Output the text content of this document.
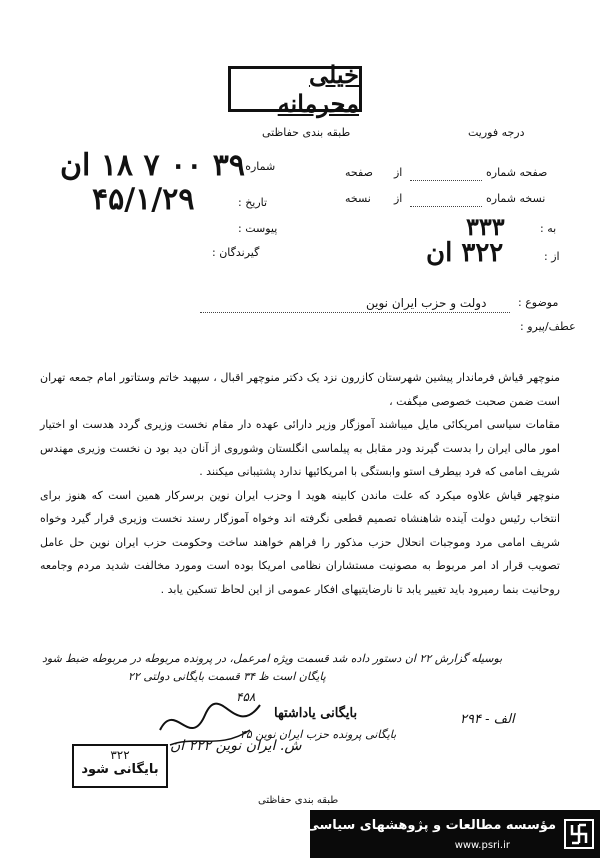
خیلی محرمانه
طبقه بندی حفاظتی	درجه فوریت
صفحه شماره
از
صفحه
نسخه شماره
از
نسخه
به :
۳۳۳
از :
۳۲۲ ان
شماره :
۳۹ ۰۰ ۷ ۱۸ ان
تاریخ :
۴۵/۱/۲۹
پیوست :
گیرندگان :
موضوع :
دولت و حزب ایران نوین
عطف/پیرو :

منوچهر قیاش فرماندار پیشین شهرستان کازرون نزد یک دکتر منوچهر اقبال ، سپهبد خاتم وستاتور امام جمعه تهران است ضمن صحبت خصوصی میگفت ،

مقامات سیاسی امریکائی مایل میباشند آموزگار وزیر دارائی عهده دار مقام نخست وزیری گردد هدست او اختیار امور مالی ایران را بدست گیرند ودر مقابل به پیلماسی انگلستان وشوروی از آنان دید بود ن نخست وزیری مهندس شریف امامی که فرد بیطرف استو وابستگی با امریکائیها ندارد پشتیبانی میکنند .

منوچهر قیاش علاوه میکرد که علت ماندن کابینه هوید ا وحزب ایران نوین برسرکار همین است که هنوز برای انتخاب رئیس دولت آینده شاهنشاه تصمیم قطعی نگرفته اند وخواه آموزگار رسند نخست وزیری قرار گیرد وخواه شریف امامی مرد وموجبات انحلال حزب مذکور را فراهم خواهند ساخت وحکومت حزب ایران نوین حل عامل تصویب قرار اد امر مربوط به مصونیت مستشاران نظامی امریکا بوده است ومورد مخالفت شدید مردم وجامعه روحانیت بنما رمیرود باید تغییر یابد تا نارضایتیهای افکار عمومی از این لحاظ تسکین یابد .

بوسیله گزارش ۲۲ ان دستور داده شد قسمت ویژه امرعمل، در پرونده مربوطه در مربوطه ضبط شود
پایگان است ظ ۳۴ قسمت بایگانی دولتی ۲۲
۴۵۸
بایگانی یاداشتها
بایگانی پرونده حزب ایران نوین ۴۵
الف - ۲۹۴
ش. ایران نوین ۲۲۲ ان
۳۲۲
بایگانی شود
طبقه بندی حفاظتی
مؤسسه مطالعات و پژوهشهای سیاسی
www.psri.ir
